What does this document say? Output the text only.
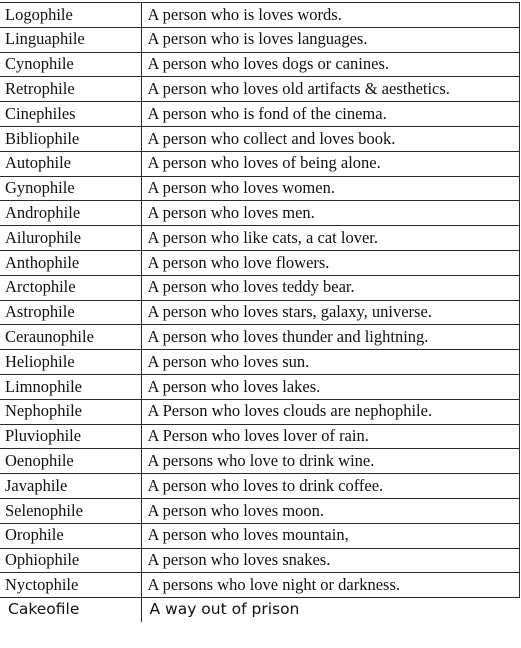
Logophile	A person who is loves words.
Linguaphile	A person who is loves languages.
Cynophile	A person who loves dogs or canines.
Retrophile	A person who loves old artifacts & aesthetics.
Cinephiles	A person who is fond of the cinema.
Bibliophile	A person who collect and loves book.
Autophile	A person who loves of being alone.
Gynophile	A person who loves women.
Androphile	A person who loves men.
Ailurophile	A person who like cats, a cat lover.
Anthophile	A person who love flowers.
Arctophile	A person who loves teddy bear.
Astrophile	A person who loves stars, galaxy, universe.
Ceraunophile	A person who loves thunder and lightning.
Heliophile	A person who loves sun.
Limnophile	A person who loves lakes.
Nephophile	A Person who loves clouds are nephophile.
Pluviophile	A Person who loves lover of rain.
Oenophile	A persons who love to drink wine.
Javaphile	A person who loves to drink coffee.
Selenophile	A person who loves moon.
Orophile	A person who loves mountain,
Ophiophile	A person who loves snakes.
Nyctophile	A persons who love night or darkness.
Cakeofile	A way out of prison
